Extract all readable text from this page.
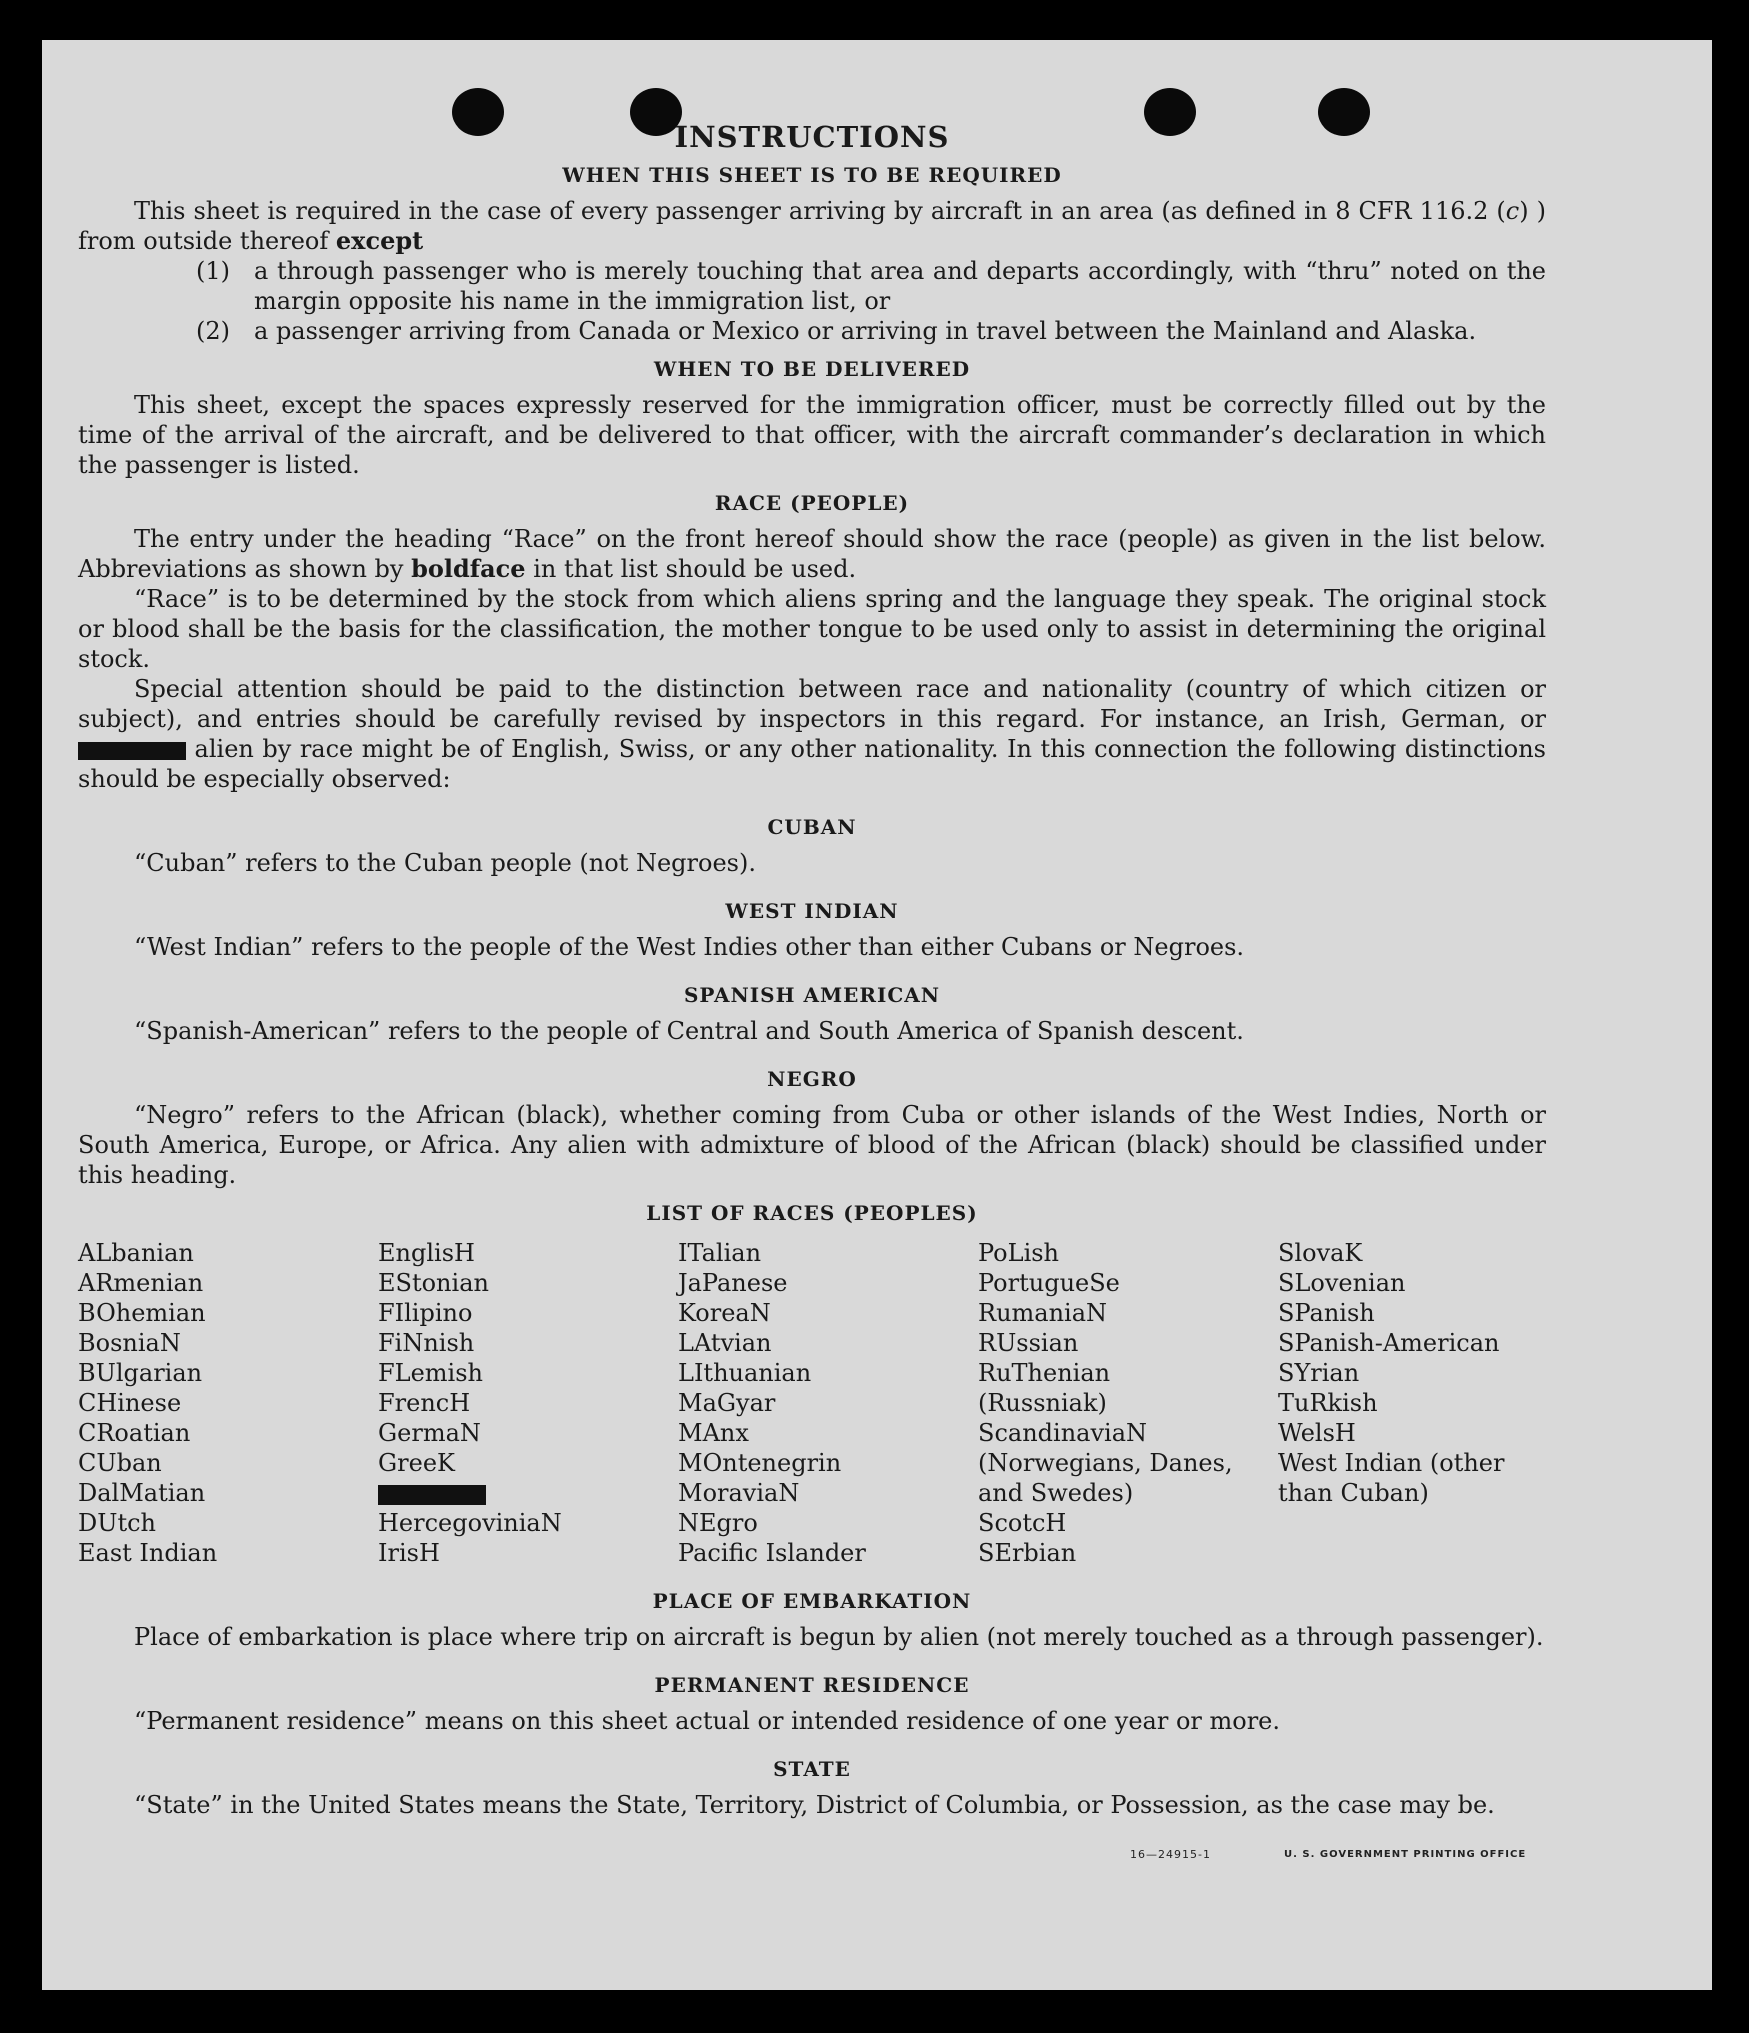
INSTRUCTIONS
WHEN THIS SHEET IS TO BE REQUIRED

This sheet is required in the case of every passenger arriving by aircraft in an area (as defined in 8 CFR 116.2 (c) ) from outside thereof except

(1)	a through passenger who is merely touching that area and departs accordingly, with “thru” noted on the margin opposite his name in the immigration list, or
(2)	a passenger arriving from Canada or Mexico or arriving in travel between the Mainland and Alaska.
WHEN TO BE DELIVERED

This sheet, except the spaces expressly reserved for the immigration officer, must be correctly filled out by the time of the arrival of the aircraft, and be delivered to that officer, with the aircraft commander’s declaration in which the passenger is listed.

RACE (PEOPLE)

The entry under the heading “Race” on the front hereof should show the race (people) as given in the list below. Abbreviations as shown by boldface in that list should be used.

“Race” is to be determined by the stock from which aliens spring and the language they speak. The original stock or blood shall be the basis for the classification, the mother tongue to be used only to assist in determining the original stock.

Special attention should be paid to the distinction between race and nationality (country of which citizen or subject), and entries should be carefully revised by inspectors in this regard. For instance, an Irish, German, or  alien by race might be of English, Swiss, or any other nationality. In this connection the following distinctions should be especially observed:

CUBAN

“Cuban” refers to the Cuban people (not Negroes).

WEST INDIAN

“West Indian” refers to the people of the West Indies other than either Cubans or Negroes.

SPANISH AMERICAN

“Spanish-American” refers to the people of Central and South America of Spanish descent.

NEGRO

“Negro” refers to the African (black), whether coming from Cuba or other islands of the West Indies, North or South America, Europe, or Africa. Any alien with admixture of blood of the African (black) should be classified under this heading.

LIST OF RACES (PEOPLES)
ALbanian
ARmenian
BOhemian
BosniaN
BUlgarian
CHinese
CRoatian
CUban
DalMatian
DUtch
East Indian
EnglisH
EStonian
FIlipino
FiNnish
FLemish
FrencH
GermaN
GreeK
HercegoviniaN
IrisH
ITalian
JaPanese
KoreaN
LAtvian
LIthuanian
MaGyar
MAnx
MOntenegrin
MoraviaN
NEgro
Pacific Islander
PoLish
PortugueSe
RumaniaN
RUssian
RuThenian (Russniak)
ScandinaviaN (Norwegians, Danes, and Swedes)
ScotcH
SErbian
SlovaK
SLovenian
SPanish
SPanish-American
SYrian
TuRkish
WelsH
West Indian (other than Cuban)
PLACE OF EMBARKATION

Place of embarkation is place where trip on aircraft is begun by alien (not merely touched as a through passenger).

PERMANENT RESIDENCE

“Permanent residence” means on this sheet actual or intended residence of one year or more.

STATE

“State” in the United States means the State, Territory, District of Columbia, or Possession, as the case may be.

16—24915-1	U. S. GOVERNMENT PRINTING OFFICE
